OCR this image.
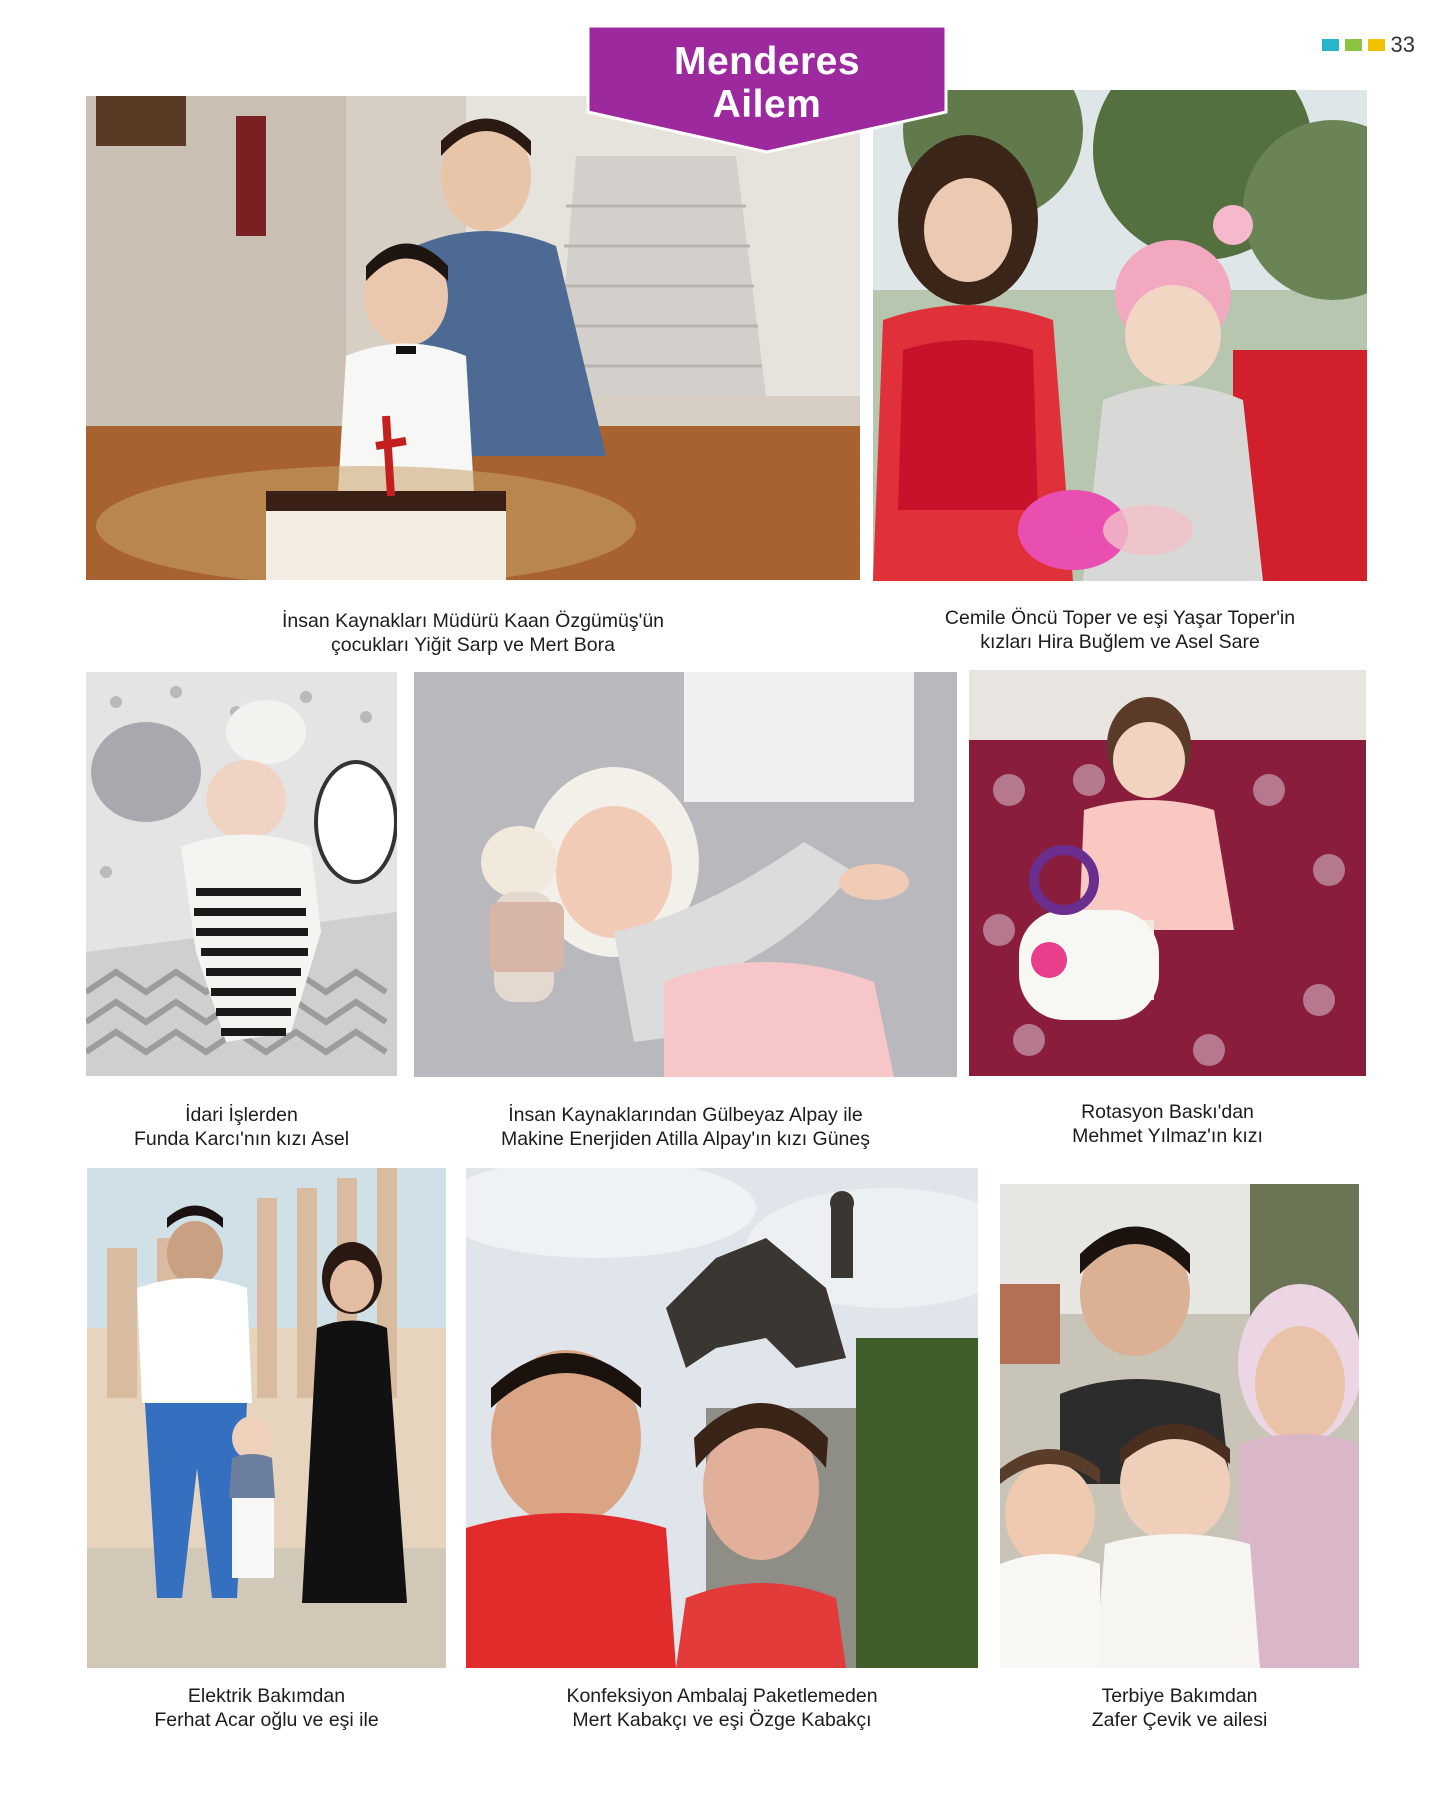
33
Menderes
Ailem
İnsan Kaynakları Müdürü Kaan Özgümüş'ün
çocukları Yiğit Sarp ve Mert Bora
Cemile Öncü Toper ve eşi Yaşar Toper'in
kızları Hira Buğlem ve Asel Sare
İdari İşlerden
Funda Karcı'nın kızı Asel
İnsan Kaynaklarından Gülbeyaz Alpay ile
Makine Enerjiden Atilla Alpay'ın kızı Güneş
Rotasyon Baskı'dan
Mehmet Yılmaz'ın kızı
Elektrik Bakımdan
Ferhat Acar oğlu ve eşi ile
Konfeksiyon Ambalaj Paketlemeden
Mert Kabakçı ve eşi Özge Kabakçı
Terbiye Bakımdan
Zafer Çevik ve ailesi
